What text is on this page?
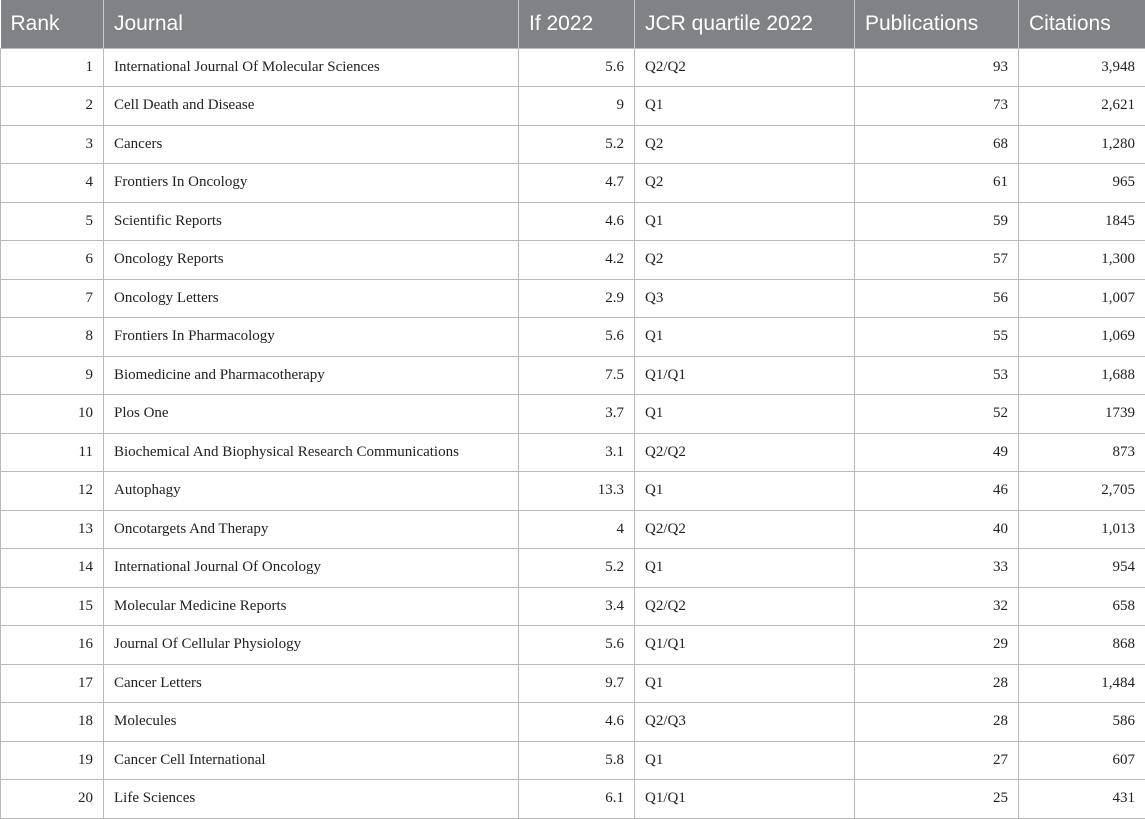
Rank	Journal	If 2022	JCR quartile 2022	Publications	Citations
1	International Journal Of Molecular Sciences	5.6	Q2/Q2	93	3,948
2	Cell Death and Disease	9	Q1	73	2,621
3	Cancers	5.2	Q2	68	1,280
4	Frontiers In Oncology	4.7	Q2	61	965
5	Scientific Reports	4.6	Q1	59	1845
6	Oncology Reports	4.2	Q2	57	1,300
7	Oncology Letters	2.9	Q3	56	1,007
8	Frontiers In Pharmacology	5.6	Q1	55	1,069
9	Biomedicine and Pharmacotherapy	7.5	Q1/Q1	53	1,688
10	Plos One	3.7	Q1	52	1739
11	Biochemical And Biophysical Research Communications	3.1	Q2/Q2	49	873
12	Autophagy	13.3	Q1	46	2,705
13	Oncotargets And Therapy	4	Q2/Q2	40	1,013
14	International Journal Of Oncology	5.2	Q1	33	954
15	Molecular Medicine Reports	3.4	Q2/Q2	32	658
16	Journal Of Cellular Physiology	5.6	Q1/Q1	29	868
17	Cancer Letters	9.7	Q1	28	1,484
18	Molecules	4.6	Q2/Q3	28	586
19	Cancer Cell International	5.8	Q1	27	607
20	Life Sciences	6.1	Q1/Q1	25	431
